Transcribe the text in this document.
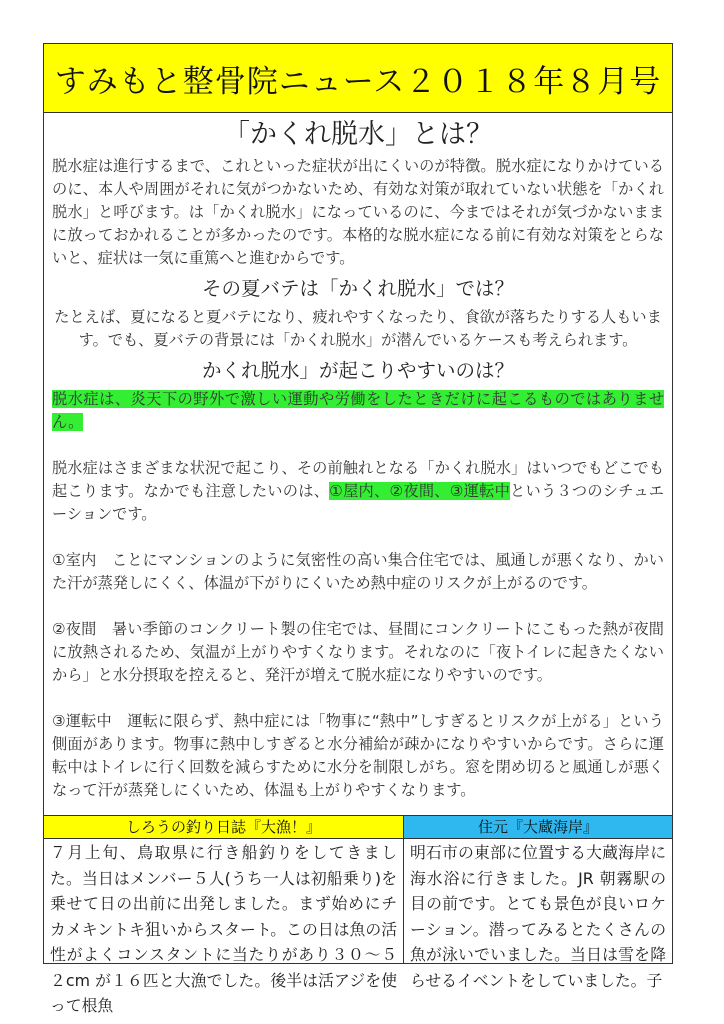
すみもと整骨院ニュース２０１８年８月号
「かくれ脱水」とは？

脱水症は進行するまで、これといった症状が出にくいのが特徴。脱水症になりかけているのに、本人や周囲がそれに気がつかないため、有効な対策が取れていない状態を「かくれ脱水」と呼びます。は「かくれ脱水」になっているのに、今まではそれが気づかないままに放っておかれることが多かったのです。本格的な脱水症になる前に有効な対策をとらないと、症状は一気に重篤へと進むからです。

その夏バテは「かくれ脱水」では？

たとえば、夏になると夏バテになり、疲れやすくなったり、食欲が落ちたりする人もいます。でも、夏バテの背景には「かくれ脱水」が潜んでいるケースも考えられます。

かくれ脱水」が起こりやすいのは？

脱水症は、炎天下の野外で激しい運動や労働をしたときだけに起こるものではありません。

脱水症はさまざまな状況で起こり、その前触れとなる「かくれ脱水」はいつでもどこでも起こります。なかでも注意したいのは、①屋内、②夜間、③運転中という３つのシチュエーションです。

①室内　ことにマンションのように気密性の高い集合住宅では、風通しが悪くなり、かいた汗が蒸発しにくく、体温が下がりにくいため熱中症のリスクが上がるのです。

②夜間　暑い季節のコンクリート製の住宅では、昼間にコンクリートにこもった熱が夜間に放熱されるため、気温が上がりやすくなります。それなのに「夜トイレに起きたくないから」と水分摂取を控えると、発汗が増えて脱水症になりやすいのです。

③運転中　運転に限らず、熱中症には「物事に“熱中”しすぎるとリスクが上がる」という側面があります。物事に熱中しすぎると水分補給が疎かになりやすいからです。さらに運転中はトイレに行く回数を減らすために水分を制限しがち。窓を閉め切ると風通しが悪くなって汗が蒸発しにくいため、体温も上がりやすくなります。

しろうの釣り日誌『大漁！』
７月上旬、鳥取県に行き船釣りをしてきました。当日はメンバー５人(うち一人は初船乗り)を乗せて日の出前に出発しました。まず始めにチカメキントキ狙いからスタート。この日は魚の活性がよくコンスタントに当たりがあり３０～５２cm が１６匹と大漁でした。後半は活アジを使って根魚
住元『大蔵海岸』
明石市の東部に位置する大蔵海岸に海水浴に行きました。JR 朝霧駅の目の前です。とても景色が良いロケーション。潜ってみるとたくさんの魚が泳いでいました。当日は雪を降らせるイベントをしていました。子
